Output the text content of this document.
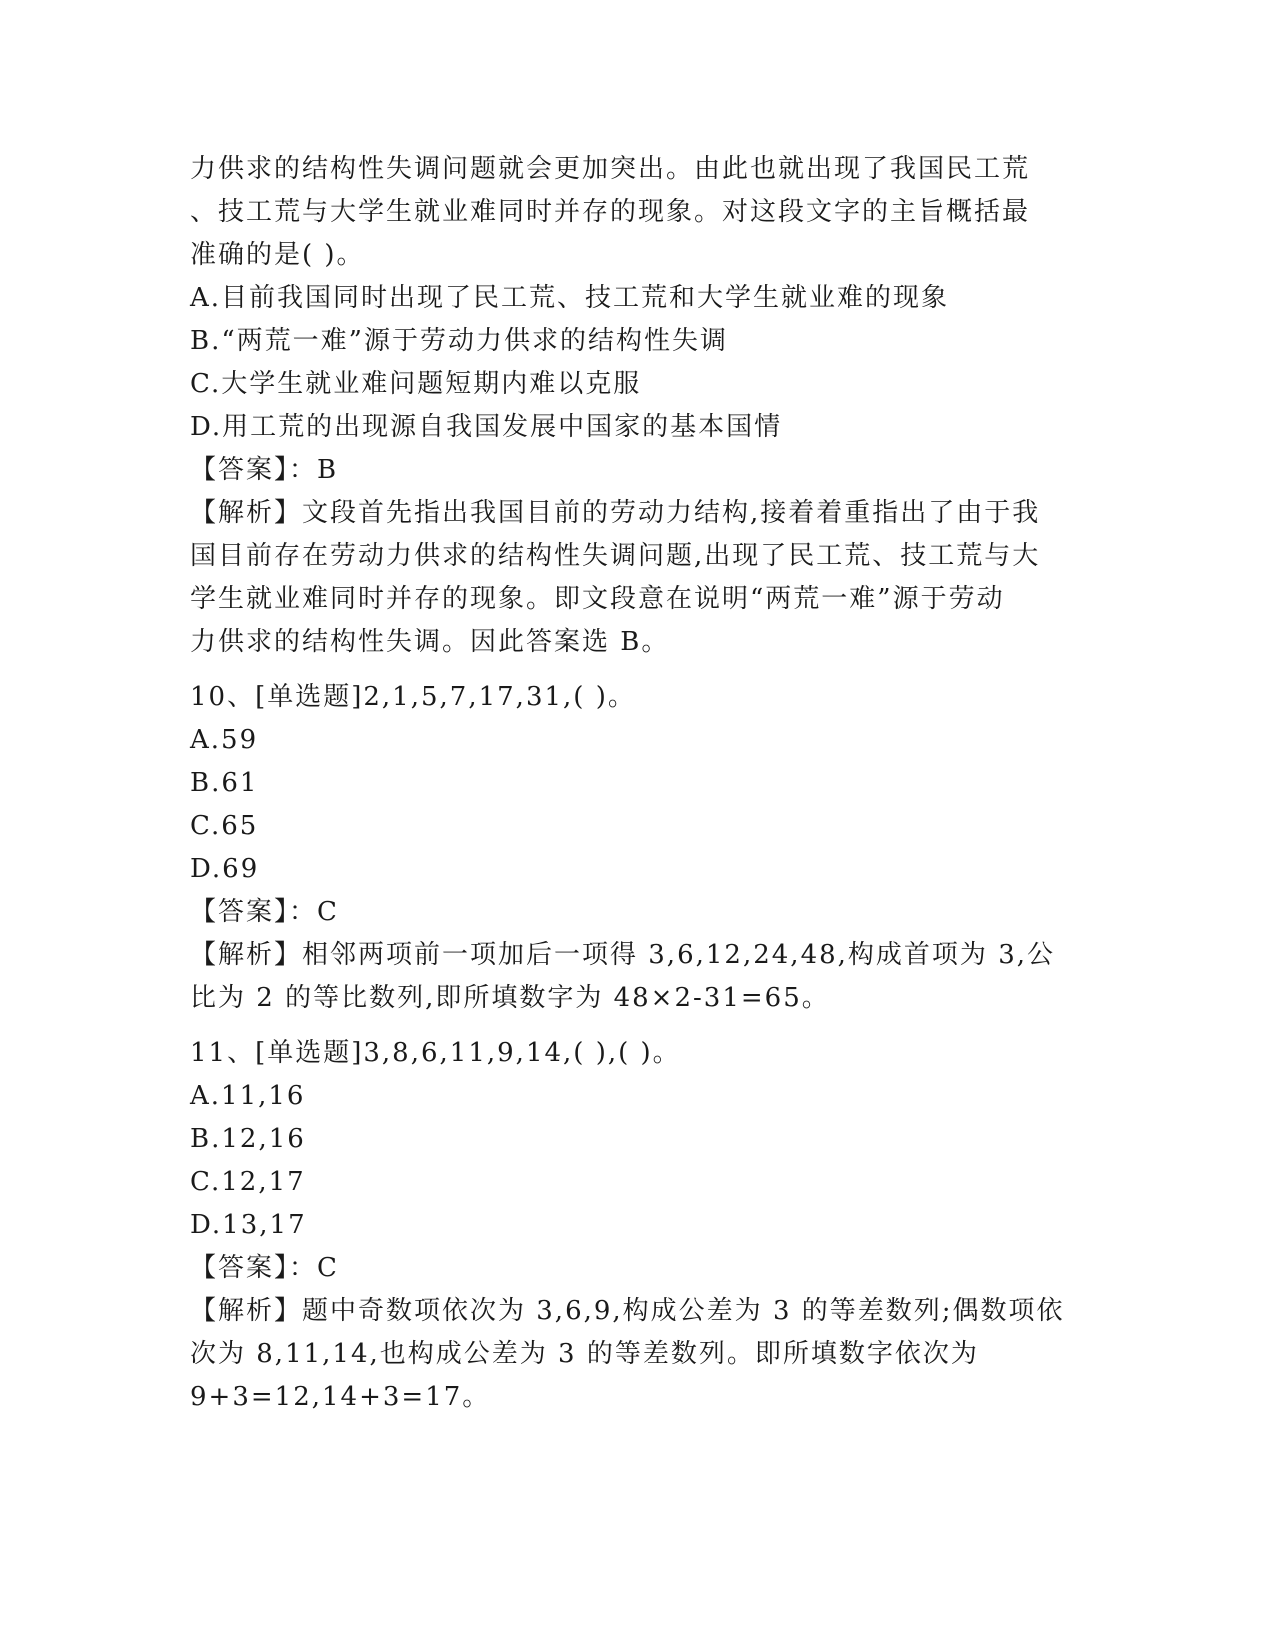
力供求的结构性失调问题就会更加突出。由此也就出现了我国民工荒
、技工荒与大学生就业难同时并存的现象。对这段文字的主旨概括最
准确的是( )。
A.目前我国同时出现了民工荒、技工荒和大学生就业难的现象
B.“两荒一难”源于劳动力供求的结构性失调
C.大学生就业难问题短期内难以克服
D.用工荒的出现源自我国发展中国家的基本国情
【答案】：B
【解析】文段首先指出我国目前的劳动力结构,接着着重指出了由于我
国目前存在劳动力供求的结构性失调问题,出现了民工荒、技工荒与大
学生就业难同时并存的现象。即文段意在说明“两荒一难”源于劳动
力供求的结构性失调。因此答案选 B。
10、[单选题]2,1,5,7,17,31,( )。
A.59
B.61
C.65
D.69
【答案】：C
【解析】相邻两项前一项加后一项得 3,6,12,24,48,构成首项为 3,公
比为 2 的等比数列,即所填数字为 48×2-31=65。
11、[单选题]3,8,6,11,9,14,( ),( )。
A.11,16
B.12,16
C.12,17
D.13,17
【答案】：C
【解析】题中奇数项依次为 3,6,9,构成公差为 3 的等差数列;偶数项依
次为 8,11,14,也构成公差为 3 的等差数列。即所填数字依次为
9+3=12,14+3=17。
